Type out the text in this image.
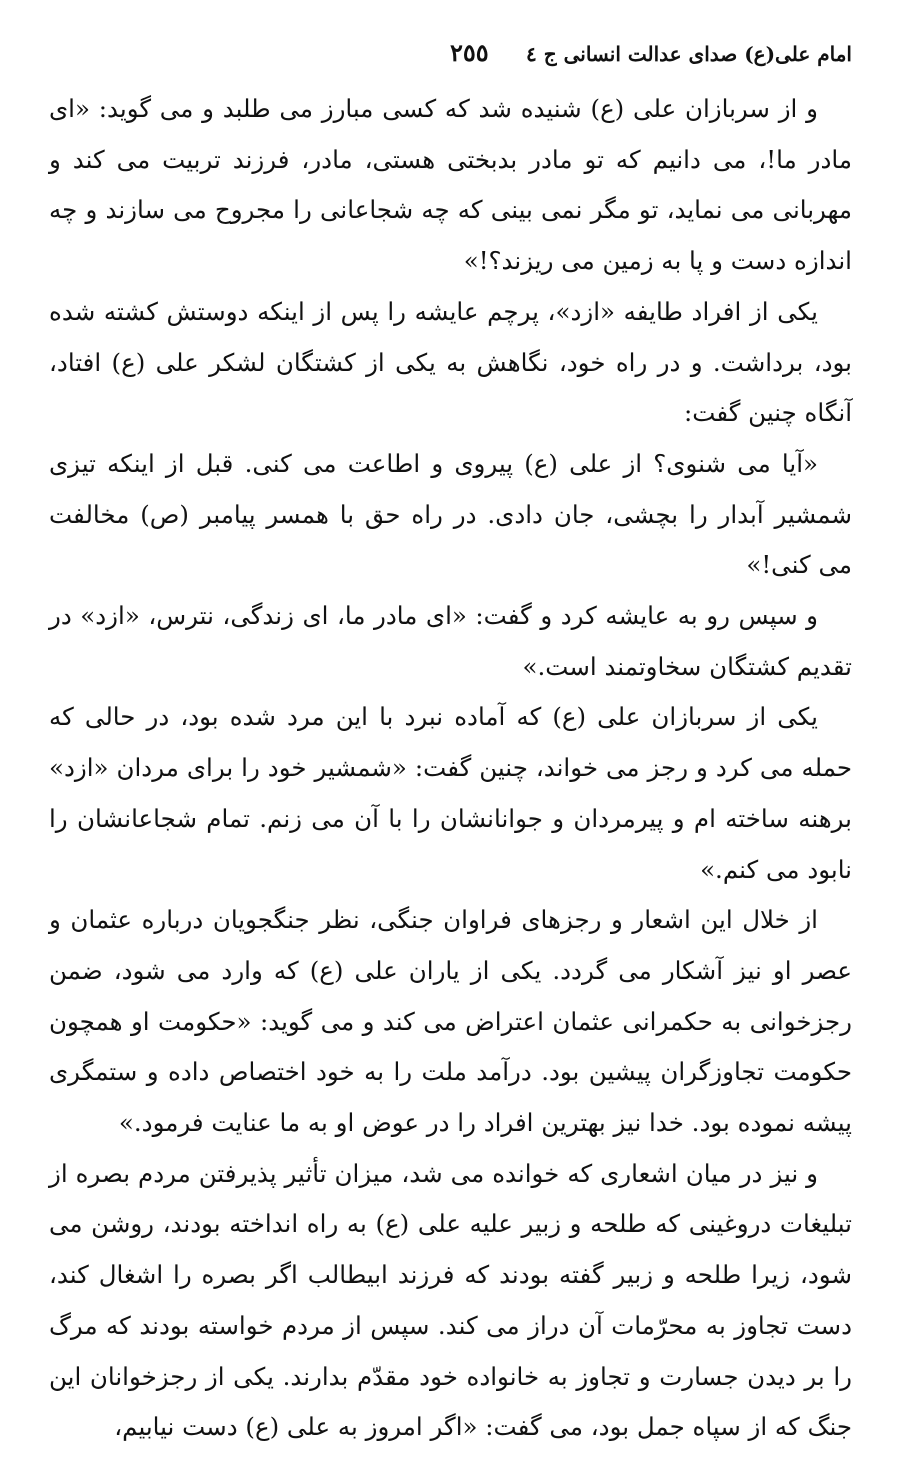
امام علی(ع) صدای عدالت انسانی ج ٤
٢٥٥

و از سربازان علی (ع) شنیده شد که کسی مبارز می طلبد و می گوید: «ای مادر ما!، می دانیم که تو مادر بدبختی هستی، مادر، فرزند تربیت می کند و مهربانی می نماید، تو مگر نمی بینی که چه شجاعانی را مجروح می سازند و چه اندازه دست و پا به زمین می ریزند؟!»

یکی از افراد طایفه «ازد»، پرچم عایشه را پس از اینکه دوستش کشته شده بود، برداشت. و در راه خود، نگاهش به یکی از کشتگان لشکر علی (ع) افتاد، آنگاه چنین گفت:

«آیا می شنوی؟ از علی (ع) پیروی و اطاعت می کنی. قبل از اینکه تیزی شمشیر آبدار را بچشی، جان دادی. در راه حق با همسر پیامبر (ص) مخالفت می کنی!»

و سپس رو به عایشه کرد و گفت: «ای مادر ما، ای زندگی، نترس، «ازد» در تقدیم کشتگان سخاوتمند است.»

یکی از سربازان علی (ع) که آماده نبرد با این مرد شده بود، در حالی که حمله می کرد و رجز می خواند، چنین گفت: «شمشیر خود را برای مردان «ازد» برهنه ساخته ام و پیرمردان و جوانانشان را با آن می زنم. تمام شجاعانشان را نابود می کنم.»

از خلال این اشعار و رجزهای فراوان جنگی، نظر جنگجویان درباره عثمان و عصر او نیز آشکار می گردد. یکی از یاران علی (ع) که وارد می شود، ضمن رجزخوانی به حکمرانی عثمان اعتراض می کند و می گوید: «حکومت او همچون حکومت تجاوزگران پیشین بود. درآمد ملت را به خود اختصاص داده و ستمگری پیشه نموده بود. خدا نیز بهترین افراد را در عوض او به ما عنایت فرمود.»

و نیز در میان اشعاری که خوانده می شد، میزان تأثیر پذیرفتن مردم بصره از تبلیغات دروغینی که طلحه و زبیر علیه علی (ع) به راه انداخته بودند، روشن می شود، زیرا طلحه و زبیر گفته بودند که فرزند ابیطالب اگر بصره را اشغال کند، دست تجاوز به محرّمات آن دراز می کند. سپس از مردم خواسته بودند که مرگ را بر دیدن جسارت و تجاوز به خانواده خود مقدّم بدارند. یکی از رجزخوانان این جنگ که از سپاه جمل بود، می گفت: «اگر امروز به علی (ع) دست نیابیم،
